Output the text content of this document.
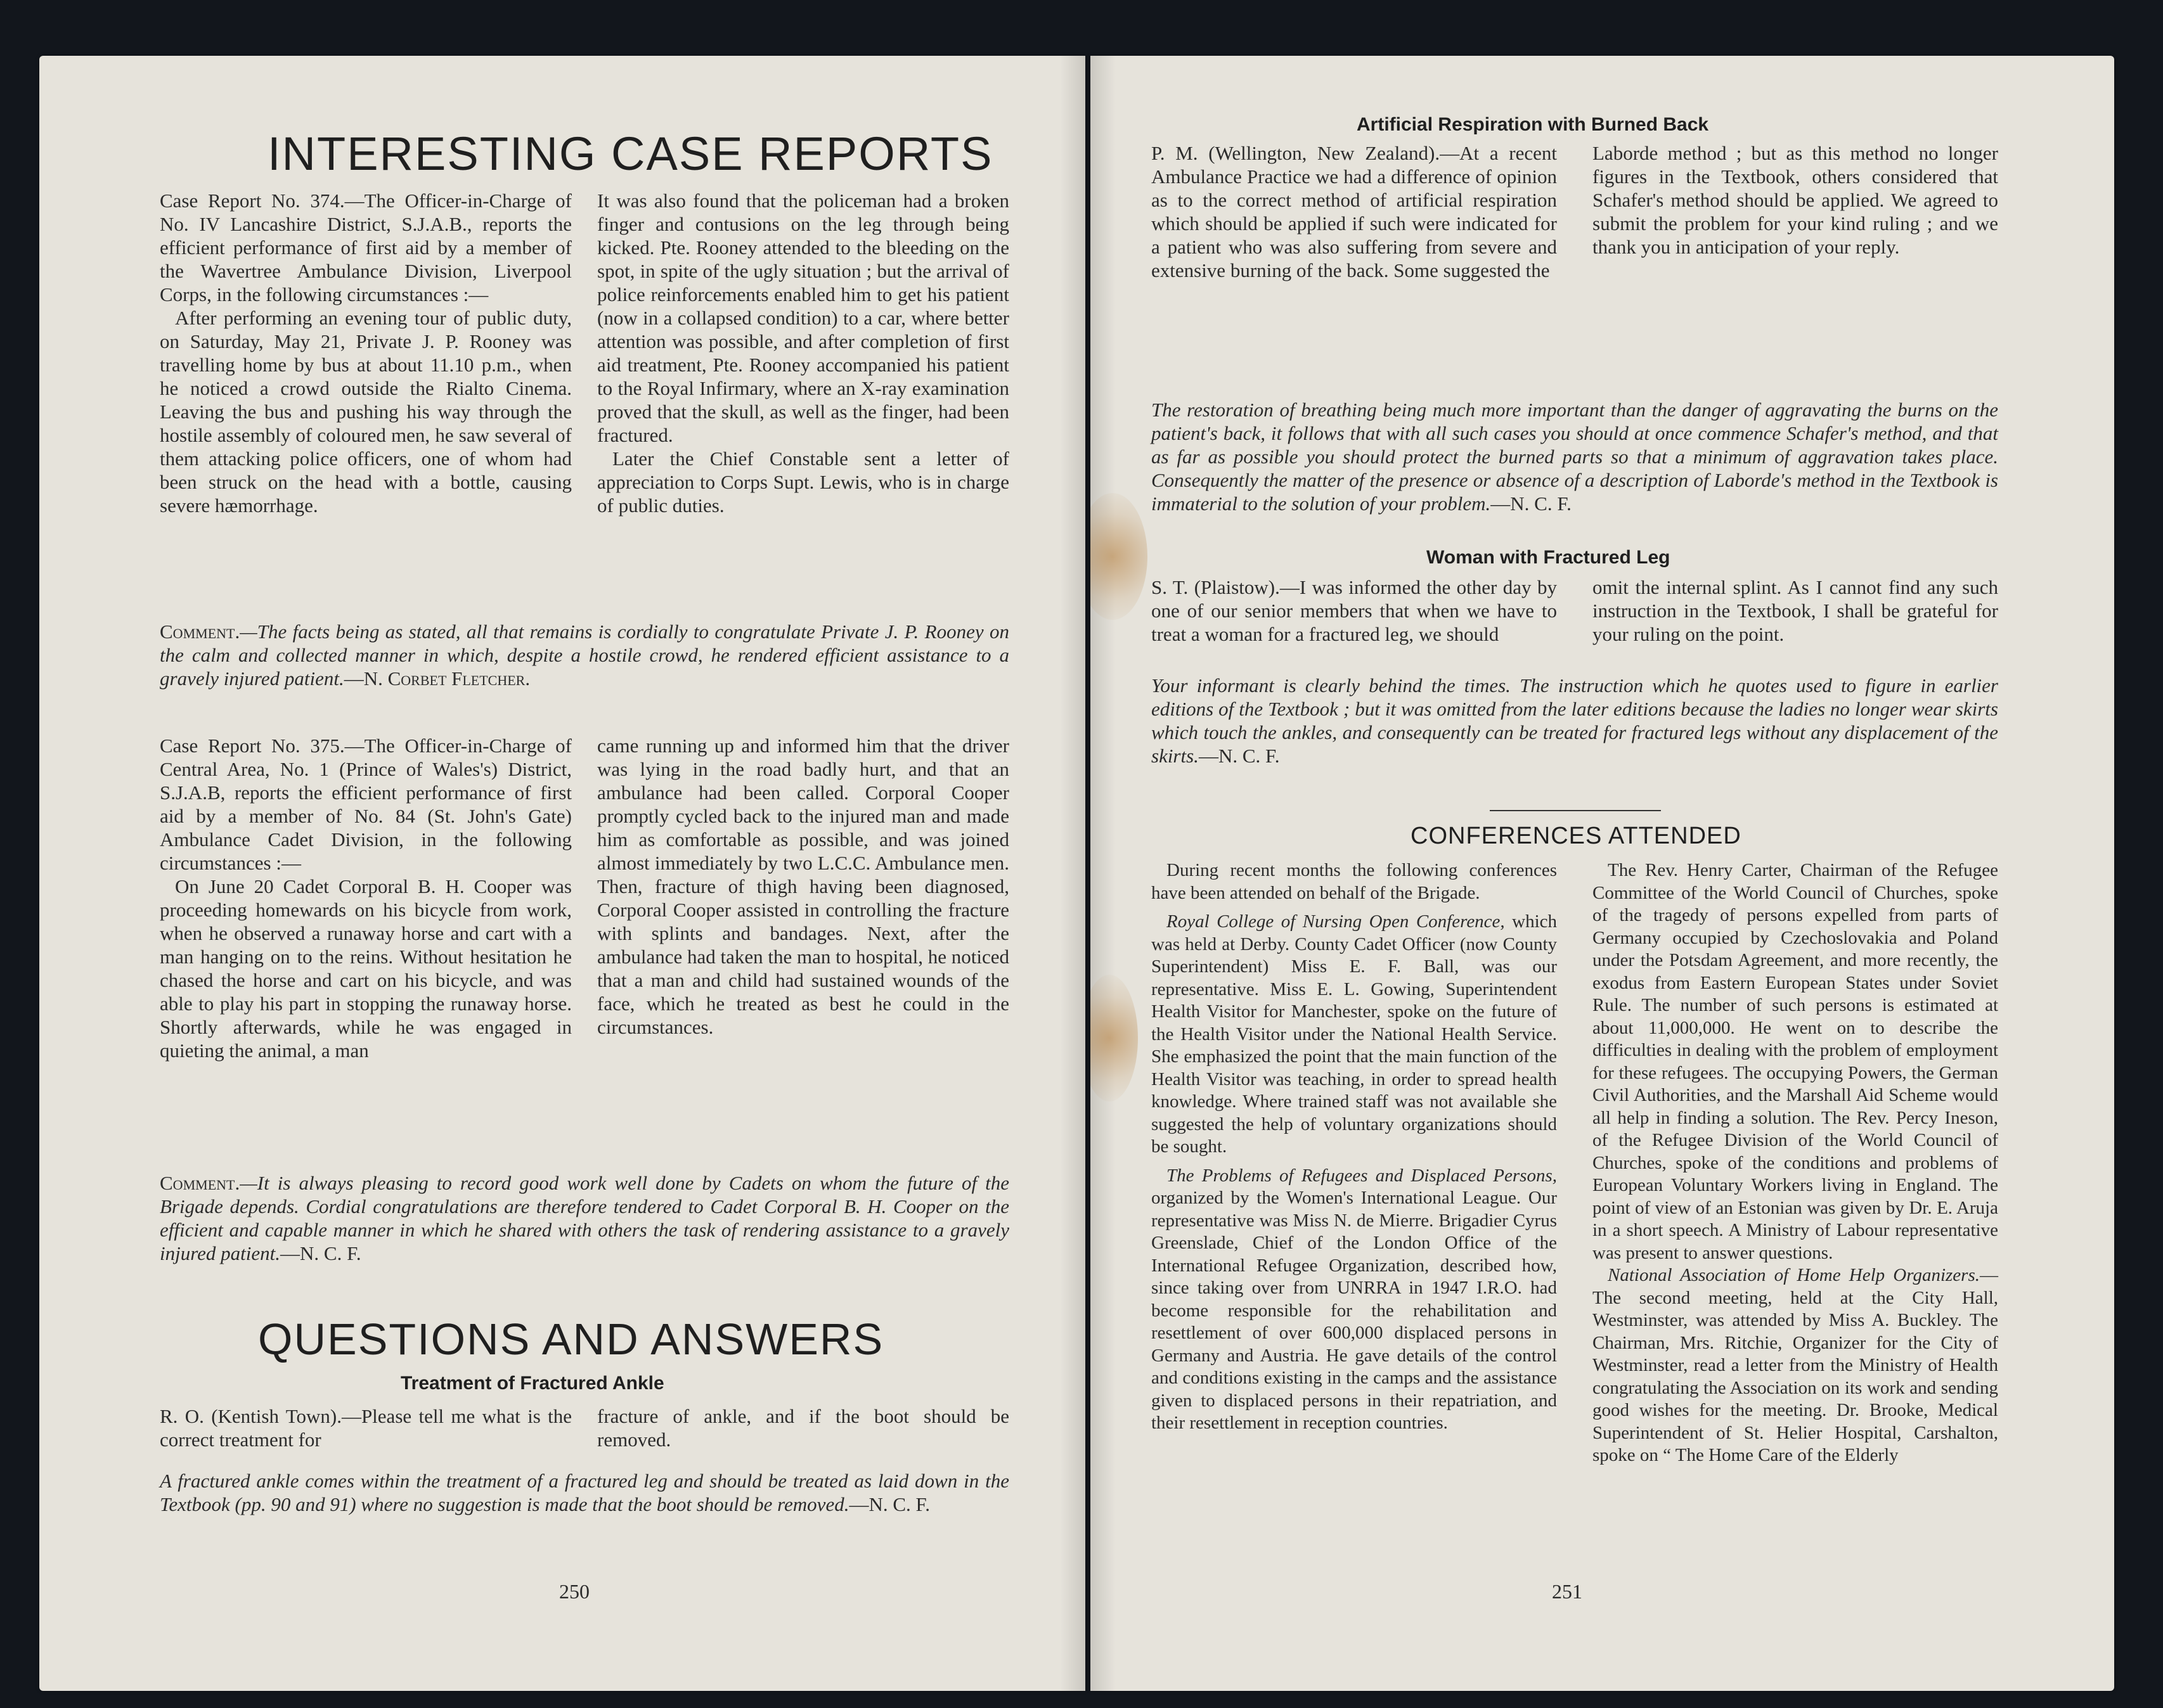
INTERESTING CASE REPORTS

Case Report No. 374.—The Officer-in-Charge of No. IV Lancashire District, S.J.A.B., reports the efficient performance of first aid by a member of the Wavertree Ambulance Division, Liverpool Corps, in the following circumstances :—

After performing an evening tour of public duty, on Saturday, May 21, Private J. P. Rooney was travelling home by bus at about 11.10 p.m., when he noticed a crowd outside the Rialto Cinema. Leaving the bus and pushing his way through the hostile assembly of coloured men, he saw several of them attacking police officers, one of whom had been struck on the head with a bottle, causing severe hæmorrhage.

It was also found that the policeman had a broken finger and contusions on the leg through being kicked. Pte. Rooney attended to the bleeding on the spot, in spite of the ugly situation ; but the arrival of police reinforcements enabled him to get his patient (now in a collapsed condition) to a car, where better attention was possible, and after completion of first aid treatment, Pte. Rooney accompanied his patient to the Royal Infirmary, where an X-ray examination proved that the skull, as well as the finger, had been fractured.

Later the Chief Constable sent a letter of appreciation to Corps Supt. Lewis, who is in charge of public duties.

Comment.—The facts being as stated, all that remains is cordially to congratulate Private J. P. Rooney on the calm and collected manner in which, despite a hostile crowd, he rendered efficient assistance to a gravely injured patient.—N. Corbet Fletcher.

Case Report No. 375.—The Officer-in-Charge of Central Area, No. 1 (Prince of Wales's) District, S.J.A.B, reports the efficient performance of first aid by a member of No. 84 (St. John's Gate) Ambulance Cadet Division, in the following circumstances :—

On June 20 Cadet Corporal B. H. Cooper was proceeding homewards on his bicycle from work, when he observed a runaway horse and cart with a man hanging on to the reins. Without hesitation he chased the horse and cart on his bicycle, and was able to play his part in stopping the runaway horse. Shortly afterwards, while he was engaged in quieting the animal, a man

came running up and informed him that the driver was lying in the road badly hurt, and that an ambulance had been called. Corporal Cooper promptly cycled back to the injured man and made him as comfortable as possible, and was joined almost immediately by two L.C.C. Ambulance men. Then, fracture of thigh having been diagnosed, Corporal Cooper assisted in controlling the fracture with splints and bandages. Next, after the ambulance had taken the man to hospital, he noticed that a man and child had sustained wounds of the face, which he treated as best he could in the circumstances.

Comment.—It is always pleasing to record good work well done by Cadets on whom the future of the Brigade depends. Cordial congratulations are therefore tendered to Cadet Corporal B. H. Cooper on the efficient and capable manner in which he shared with others the task of rendering assistance to a gravely injured patient.—N. C. F.

QUESTIONS AND ANSWERS
Treatment of Fractured Ankle

R. O. (Kentish Town).—Please tell me what is the correct treatment for

fracture of ankle, and if the boot should be removed.

A fractured ankle comes within the treatment of a fractured leg and should be treated as laid down in the Textbook (pp. 90 and 91) where no suggestion is made that the boot should be removed.—N. C. F.

250
Artificial Respiration with Burned Back

P. M. (Wellington, New Zealand).—At a recent Ambulance Practice we had a difference of opinion as to the correct method of artificial respiration which should be applied if such were indicated for a patient who was also suffering from severe and extensive burning of the back. Some suggested the

Laborde method ; but as this method no longer figures in the Textbook, others considered that Schafer's method should be applied. We agreed to submit the problem for your kind ruling ; and we thank you in anticipation of your reply.

The restoration of breathing being much more important than the danger of aggravating the burns on the patient's back, it follows that with all such cases you should at once commence Schafer's method, and that as far as possible you should protect the burned parts so that a minimum of aggravation takes place. Consequently the matter of the presence or absence of a description of Laborde's method in the Textbook is immaterial to the solution of your problem.—N. C. F.

Woman with Fractured Leg

S. T. (Plaistow).—I was informed the other day by one of our senior members that when we have to treat a woman for a fractured leg, we should

omit the internal splint. As I cannot find any such instruction in the Textbook, I shall be grateful for your ruling on the point.

Your informant is clearly behind the times. The instruction which he quotes used to figure in earlier editions of the Textbook ; but it was omitted from the later editions because the ladies no longer wear skirts which touch the ankles, and consequently can be treated for fractured legs without any displacement of the skirts.—N. C. F.

CONFERENCES ATTENDED

During recent months the following conferences have been attended on behalf of the Brigade.

Royal College of Nursing Open Conference, which was held at Derby. County Cadet Officer (now County Superintendent) Miss E. F. Ball, was our representative. Miss E. L. Gowing, Superintendent Health Visitor for Manchester, spoke on the future of the Health Visitor under the National Health Service. She emphasized the point that the main function of the Health Visitor was teaching, in order to spread health knowledge. Where trained staff was not available she suggested the help of voluntary organizations should be sought.

The Problems of Refugees and Displaced Persons, organized by the Women's International League. Our representative was Miss N. de Mierre. Brigadier Cyrus Greenslade, Chief of the London Office of the International Refugee Organization, described how, since taking over from UNRRA in 1947 I.R.O. had become responsible for the rehabilitation and resettlement of over 600,000 displaced persons in Germany and Austria. He gave details of the control and conditions existing in the camps and the assistance given to displaced persons in their repatriation, and their resettlement in reception countries.

The Rev. Henry Carter, Chairman of the Refugee Committee of the World Council of Churches, spoke of the tragedy of persons expelled from parts of Germany occupied by Czechoslovakia and Poland under the Potsdam Agreement, and more recently, the exodus from Eastern European States under Soviet Rule. The number of such persons is estimated at about 11,000,000. He went on to describe the difficulties in dealing with the problem of employment for these refugees. The occupying Powers, the German Civil Authorities, and the Marshall Aid Scheme would all help in finding a solution. The Rev. Percy Ineson, of the Refugee Division of the World Council of Churches, spoke of the conditions and problems of European Voluntary Workers living in England. The point of view of an Estonian was given by Dr. E. Aruja in a short speech. A Ministry of Labour representative was present to answer questions.

National Association of Home Help Organizers.—The second meeting, held at the City Hall, Westminster, was attended by Miss A. Buckley. The Chairman, Mrs. Ritchie, Organizer for the City of Westminster, read a letter from the Ministry of Health congratulating the Association on its work and sending good wishes for the meeting. Dr. Brooke, Medical Superintendent of St. Helier Hospital, Carshalton, spoke on “ The Home Care of the Elderly

251
